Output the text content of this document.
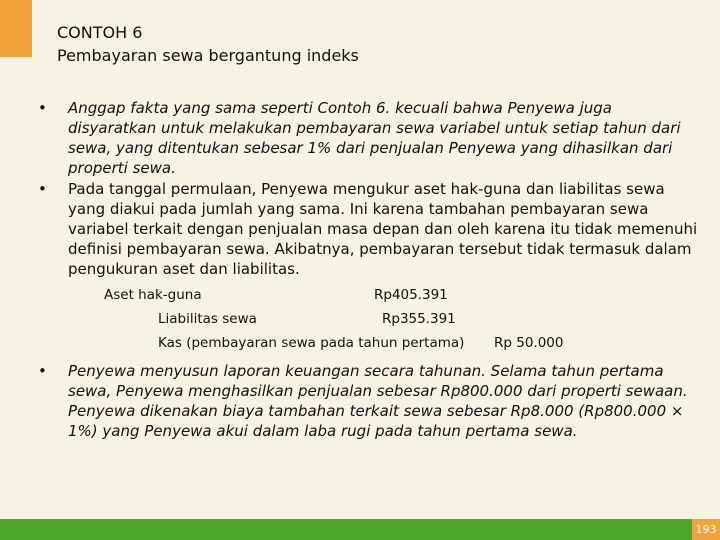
CONTOH 6
Pembayaran sewa bergantung indeks

• Anggap fakta yang sama seperti Contoh 6. kecuali bahwa Penyewa juga disyaratkan untuk melakukan pembayaran sewa variabel untuk setiap tahun dari sewa, yang ditentukan sebesar 1% dari penjualan Penyewa yang dihasilkan dari properti sewa.

• Pada tanggal permulaan, Penyewa mengukur aset hak-guna dan liabilitas sewa yang diakui pada jumlah yang sama. Ini karena tambahan pembayaran sewa variabel terkait dengan penjualan masa depan dan oleh karena itu tidak memenuhi definisi pembayaran sewa. Akibatnya, pembayaran tersebut tidak termasuk dalam pengukuran aset dan liabilitas.

Aset hak-guna	Rp405.391
Liabilitas sewa	Rp355.391
Kas (pembayaran sewa pada tahun pertama) Rp 50.000

• Penyewa menyusun laporan keuangan secara tahunan. Selama tahun pertama sewa, Penyewa menghasilkan penjualan sebesar Rp800.000 dari properti sewaan. Penyewa dikenakan biaya tambahan terkait sewa sebesar Rp8.000 (Rp800.000 × 1%) yang Penyewa akui dalam laba rugi pada tahun pertama sewa.

193
